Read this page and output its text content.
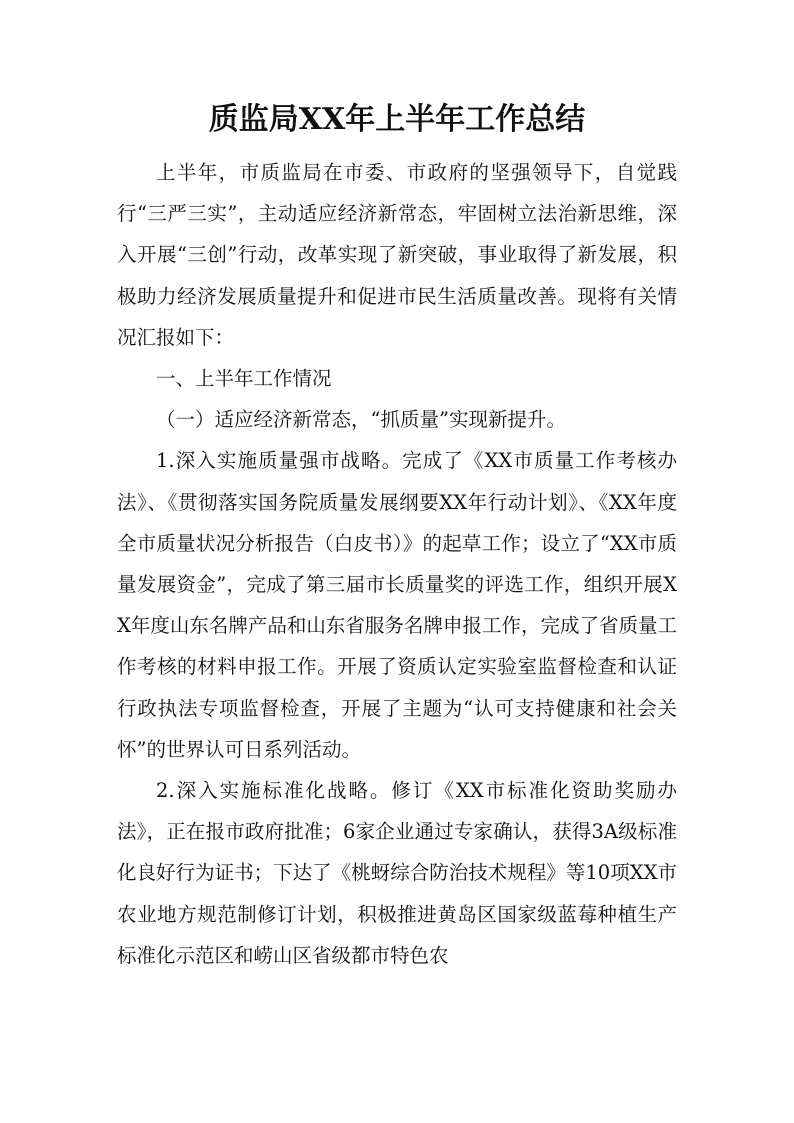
质监局XX年上半年工作总结

上半年，市质监局在市委、市政府的坚强领导下，自觉践行“三严三实”，主动适应经济新常态，牢固树立法治新思维，深入开展“三创”行动，改革实现了新突破，事业取得了新发展，积极助力经济发展质量提升和促进市民生活质量改善。现将有关情况汇报如下：

一、上半年工作情况

（一）适应经济新常态，“抓质量”实现新提升。

1.深入实施质量强市战略。完成了《XX市质量工作考核办法》、《贯彻落实国务院质量发展纲要XX年行动计划》、《XX年度全市质量状况分析报告（白皮书）》的起草工作；设立了“XX市质量发展资金”，完成了第三届市长质量奖的评选工作，组织开展XX年度山东名牌产品和山东省服务名牌申报工作，完成了省质量工作考核的材料申报工作。开展了资质认定实验室监督检查和认证行政执法专项监督检查，开展了主题为“认可支持健康和社会关怀”的世界认可日系列活动。

2.深入实施标准化战略。修订《XX市标准化资助奖励办法》，正在报市政府批准；6家企业通过专家确认，获得3A级标准化良好行为证书；下达了《桃蚜综合防治技术规程》等10项XX市农业地方规范制修订计划，积极推进黄岛区国家级蓝莓种植生产标准化示范区和崂山区省级都市特色农
